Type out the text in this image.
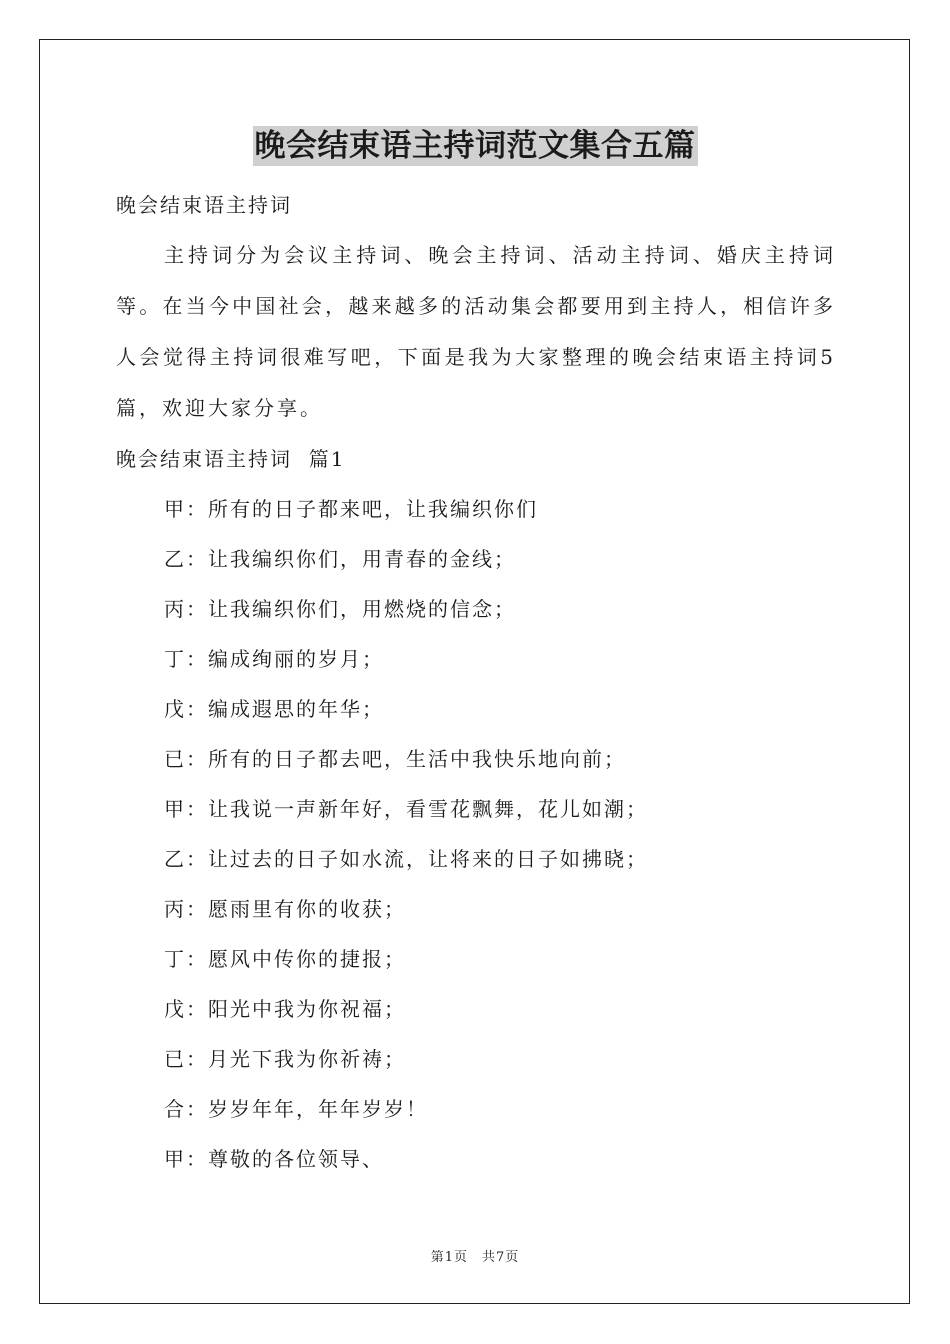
晚会结束语主持词范文集合五篇
晚会结束语主持词

主持词分为会议主持词、晚会主持词、活动主持词、婚庆主持词等。在当今中国社会，越来越多的活动集会都要用到主持人，相信许多人会觉得主持词很难写吧，下面是我为大家整理的晚会结束语主持词5篇，欢迎大家分享。

晚会结束语主持词  篇1
甲：所有的日子都来吧，让我编织你们
乙：让我编织你们，用青春的金线；
丙：让我编织你们，用燃烧的信念；
丁：编成绚丽的岁月；
戊：编成遐思的年华；
已：所有的日子都去吧，生活中我快乐地向前；
甲：让我说一声新年好，看雪花飘舞，花儿如潮；
乙：让过去的日子如水流，让将来的日子如拂晓；
丙：愿雨里有你的收获；
丁：愿风中传你的捷报；
戊：阳光中我为你祝福；
已：月光下我为你祈祷；
合：岁岁年年，年年岁岁！
甲：尊敬的各位领导、
第1页 共7页
